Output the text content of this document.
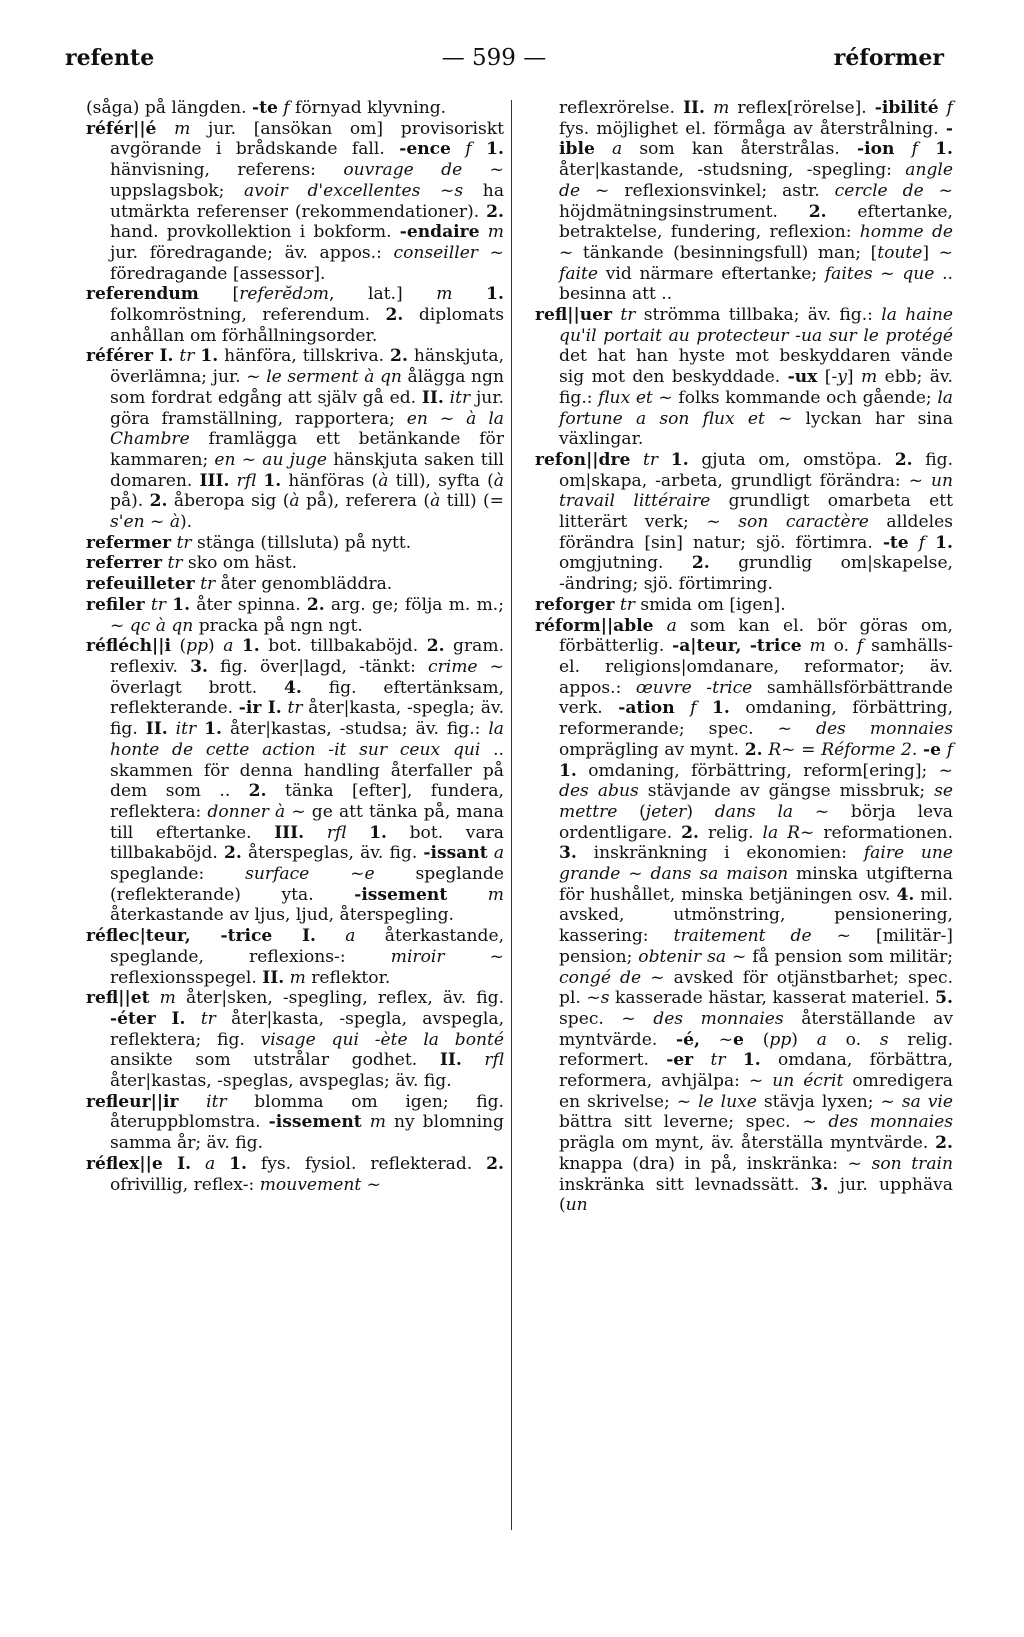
refente	— 599 —	réformer

(såga) på längden. -te f förnyad klyvning.

référ||é m jur. [ansökan om] provisoriskt avgörande i brådskande fall. -ence f 1. hänvisning, referens: ouvrage de ~ uppslagsbok; avoir d'excellentes ~s ha utmärkta referenser (rekommendationer). 2. hand. provkollektion i bokform. -endaire m jur. föredragande; äv. appos.: conseiller ~ föredragande [assessor].

referendum [referĕdɔm, lat.] m 1. folkomröstning, referendum. 2. diplomats anhållan om förhållningsorder.

référer I. tr 1. hänföra, tillskriva. 2. hänskjuta, överlämna; jur. ~ le serment à qn ålägga ngn som fordrat edgång att själv gå ed. II. itr jur. göra framställning, rapportera; en ~ à la Chambre framlägga ett betänkande för kammaren; en ~ au juge hänskjuta saken till domaren. III. rfl 1. hänföras (à till), syfta (à på). 2. åberopa sig (à på), referera (à till) (= s'en ~ à).

refermer tr stänga (tillsluta) på nytt.

referrer tr sko om häst.

refeuilleter tr åter genombläddra.

refiler tr 1. åter spinna. 2. arg. ge; följa m. m.; ~ qc à qn pracka på ngn ngt.

réfléch||i (pp) a 1. bot. tillbakaböjd. 2. gram. reflexiv. 3. fig. över|lagd, -tänkt: crime ~ överlagt brott. 4. fig. eftertänksam, reflekterande. -ir I. tr åter|kasta, -spegla; äv. fig. II. itr 1. åter|kastas, -studsa; äv. fig.: la honte de cette action -it sur ceux qui .. skammen för denna handling återfaller på dem som .. 2. tänka [efter], fundera, reflektera: donner à ~ ge att tänka på, mana till eftertanke. III. rfl 1. bot. vara tillbakaböjd. 2. återspeglas, äv. fig. -issant a speglande: surface ~e speglande (reflekterande) yta. -issement m återkastande av ljus, ljud, återspegling.

réflec|teur, -trice I. a återkastande, speglande, reflexions-: miroir ~ reflexionsspegel. II. m reflektor.

refl||et m åter|sken, -spegling, reflex, äv. fig. -éter I. tr åter|kasta, -spegla, avspegla, reflektera; fig. visage qui -ète la bonté ansikte som utstrålar godhet. II. rfl åter|kastas, -speglas, avspeglas; äv. fig.

refleur||ir itr blomma om igen; fig. återuppblomstra. -issement m ny blomning samma år; äv. fig.

réflex||e I. a 1. fys. fysiol. reflekterad. 2. ofrivillig, reflex-: mouvement ~

reflexrörelse. II. m reflex[rörelse]. -ibilité f fys. möjlighet el. förmåga av återstrålning. -ible a som kan återstrålas. -ion f 1. åter|kastande, -studsning, -spegling: angle de ~ reflexionsvinkel; astr. cercle de ~ höjdmätningsinstrument. 2. eftertanke, betraktelse, fundering, reflexion: homme de ~ tänkande (besinningsfull) man; [toute] ~ faite vid närmare eftertanke; faites ~ que .. besinna att ..

refl||uer tr strömma tillbaka; äv. fig.: la haine qu'il portait au protecteur -ua sur le protégé det hat han hyste mot beskyddaren vände sig mot den beskyddade. -ux [-y] m ebb; äv. fig.: flux et ~ folks kommande och gående; la fortune a son flux et ~ lyckan har sina växlingar.

refon||dre tr 1. gjuta om, omstöpa. 2. fig. om|skapa, -arbeta, grundligt förändra: ~ un travail littéraire grundligt omarbeta ett litterärt verk; ~ son caractère alldeles förändra [sin] natur; sjö. förtimra. -te f 1. omgjutning. 2. grundlig om|skapelse, -ändring; sjö. förtimring.

reforger tr smida om [igen].

réform||able a som kan el. bör göras om, förbätterlig. -a|teur, -trice m o. f samhälls- el. religions|omdanare, reformator; äv. appos.: œuvre -trice samhällsförbättrande verk. -ation f 1. omdaning, förbättring, reformerande; spec. ~ des monnaies omprägling av mynt. 2. R~ = Réforme 2. -e f 1. omdaning, förbättring, reform[ering]; ~ des abus stävjande av gängse missbruk; se mettre (jeter) dans la ~ börja leva ordentligare. 2. relig. la R~ reformationen. 3. inskränkning i ekonomien: faire une grande ~ dans sa maison minska utgifterna för hushållet, minska betjäningen osv. 4. mil. avsked, utmönstring, pensionering, kassering: traitement de ~ [militär-] pension; obtenir sa ~ få pension som militär; congé de ~ avsked för otjänstbarhet; spec. pl. ~s kasserade hästar, kasserat materiel. 5. spec. ~ des monnaies återställande av myntvärde. -é, ~e (pp) a o. s relig. reformert. -er tr 1. omdana, förbättra, reformera, avhjälpa: ~ un écrit omredigera en skrivelse; ~ le luxe stävja lyxen; ~ sa vie bättra sitt leverne; spec. ~ des monnaies prägla om mynt, äv. återställa myntvärde. 2. knappa (dra) in på, inskränka: ~ son train inskränka sitt levnadssätt. 3. jur. upphäva (un
